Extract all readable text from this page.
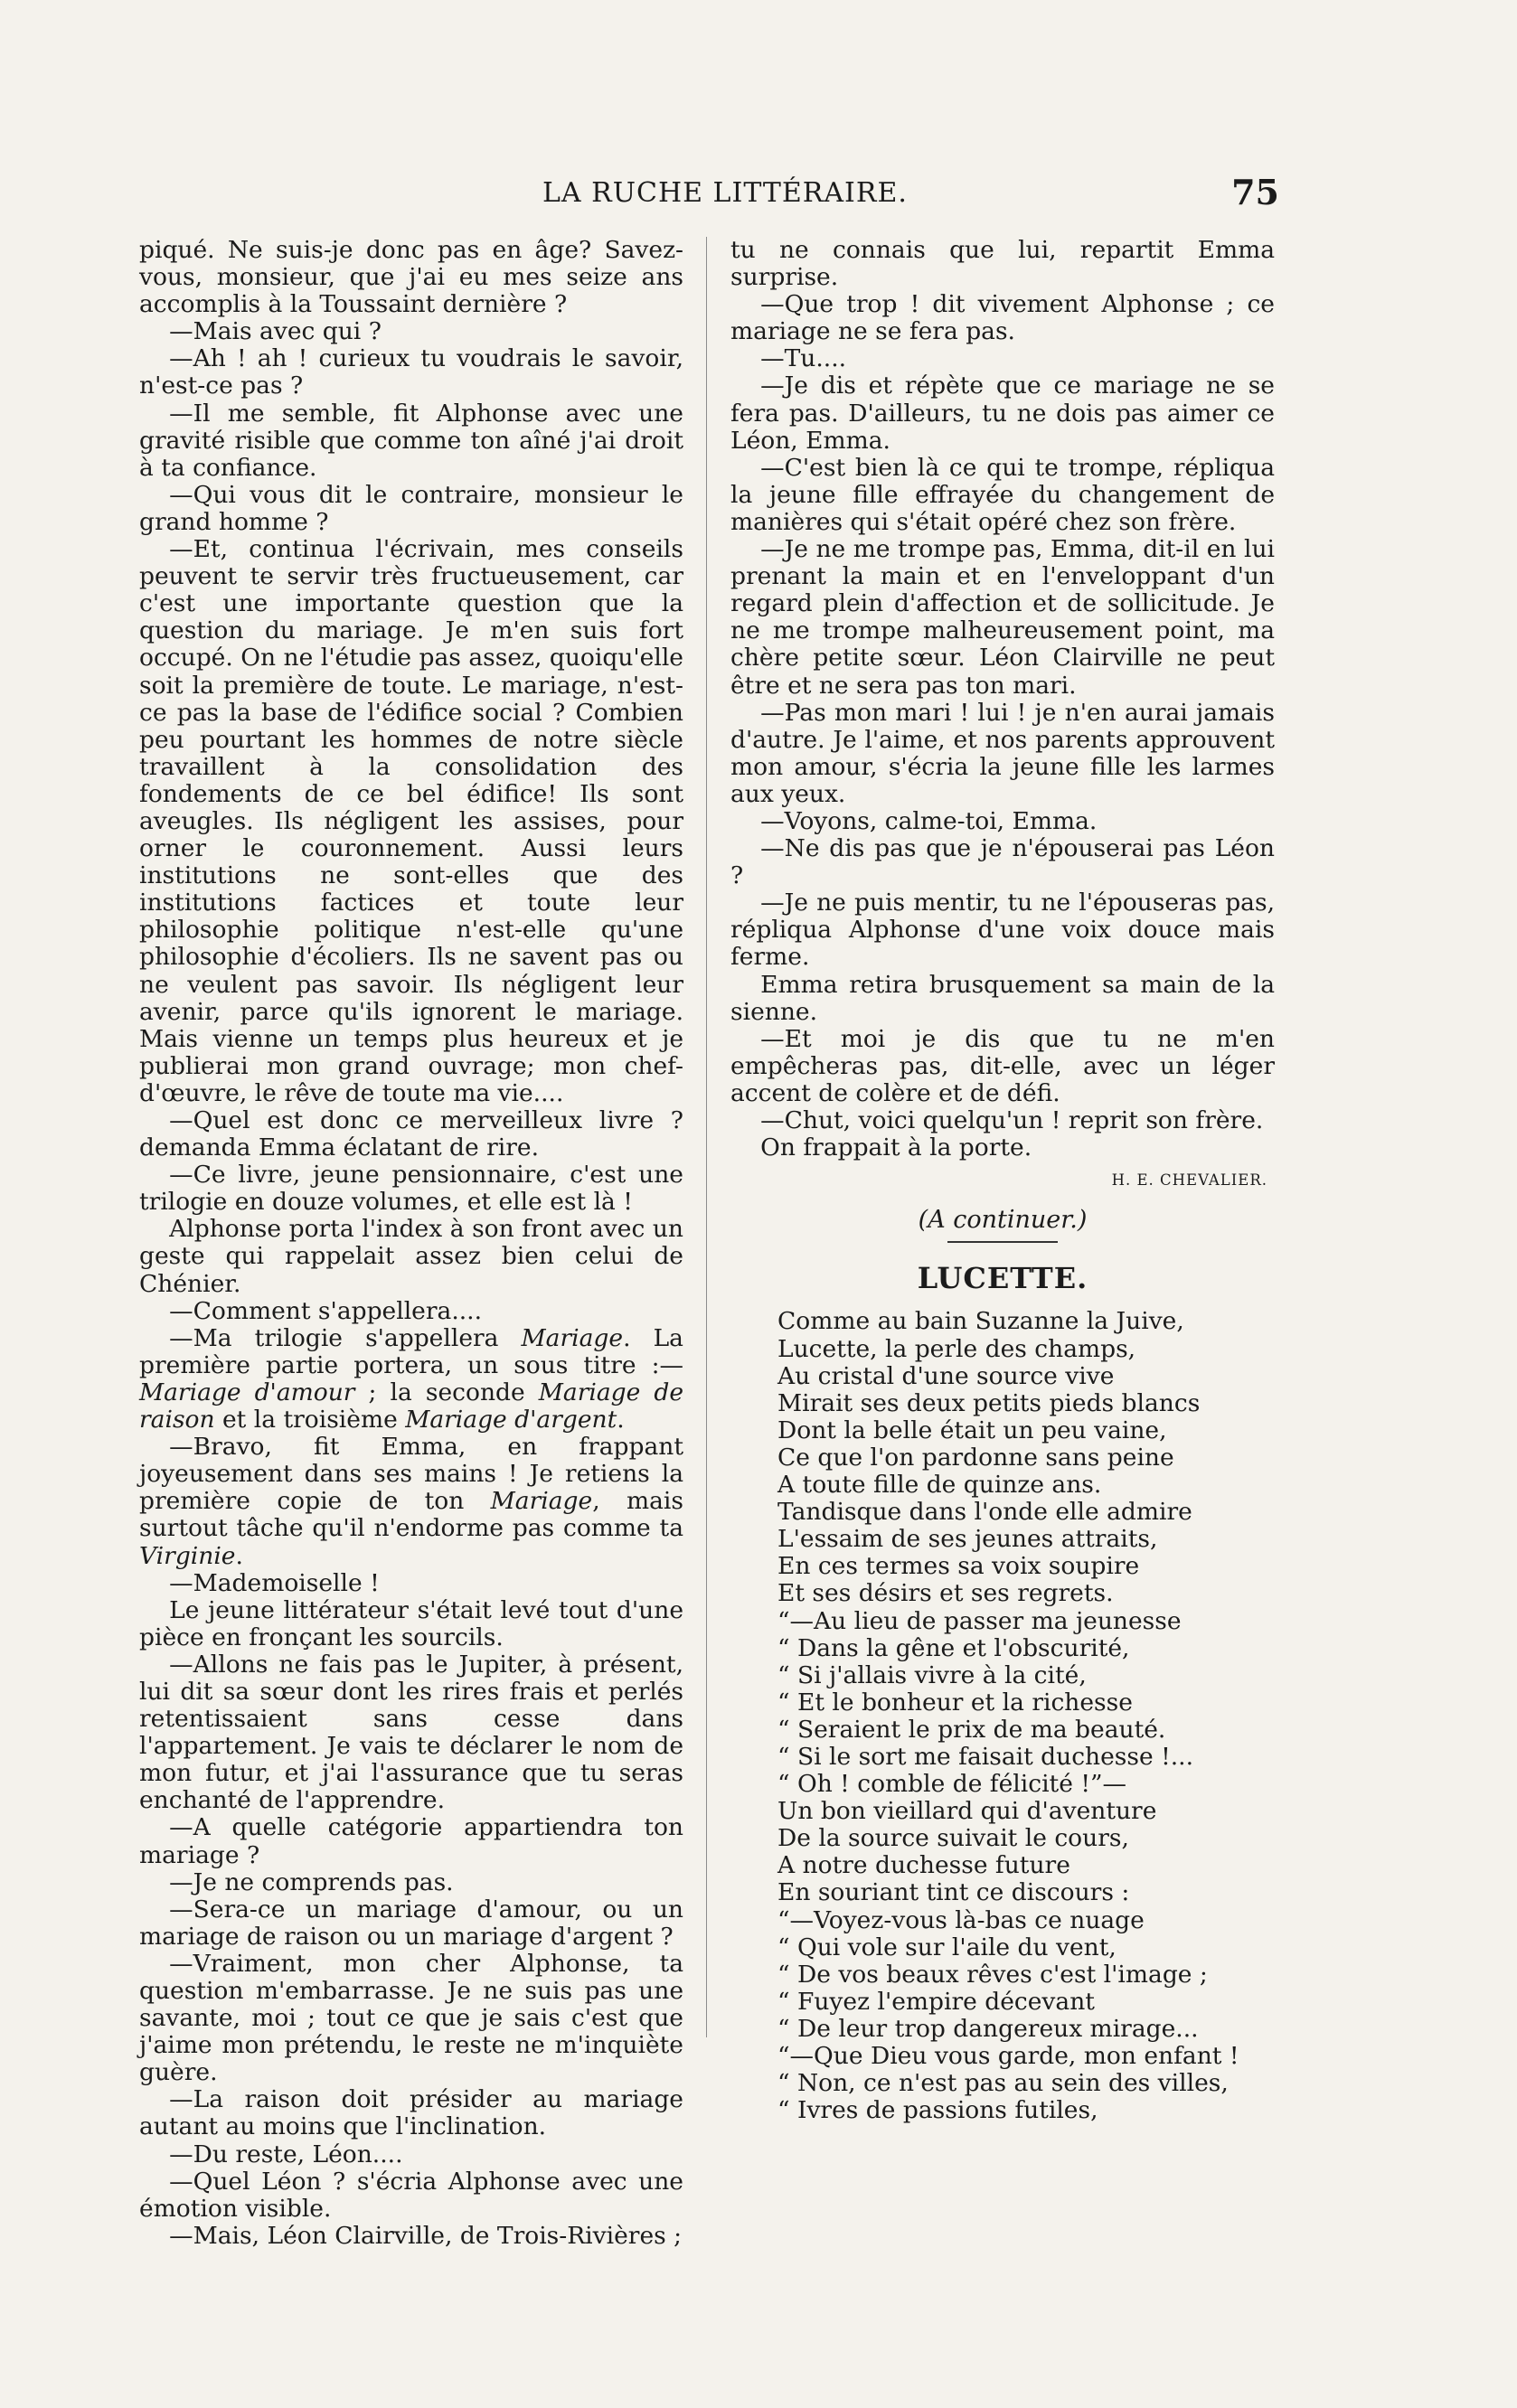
LA RUCHE LITTÉRAIRE.	75

piqué. Ne suis-je donc pas en âge? Savez-vous, monsieur, que j'ai eu mes seize ans accomplis à la Toussaint dernière ?

—Mais avec qui ?

—Ah ! ah ! curieux tu voudrais le savoir, n'est-ce pas ?

—Il me semble, fit Alphonse avec une gravité risible que comme ton aîné j'ai droit à ta confiance.

—Qui vous dit le contraire, monsieur le grand homme ?

—Et, continua l'écrivain, mes conseils peuvent te servir très fructueusement, car c'est une importante question que la question du mariage. Je m'en suis fort occupé. On ne l'étudie pas assez, quoiqu'elle soit la première de toute. Le mariage, n'est-ce pas la base de l'édifice social ? Combien peu pourtant les hommes de notre siècle travaillent à la consolidation des fondements de ce bel édifice! Ils sont aveugles. Ils négligent les assises, pour orner le couronnement. Aussi leurs institutions ne sont-elles que des institutions factices et toute leur philosophie politique n'est-elle qu'une philosophie d'écoliers. Ils ne savent pas ou ne veulent pas savoir. Ils négligent leur avenir, parce qu'ils ignorent le mariage. Mais vienne un temps plus heureux et je publierai mon grand ouvrage; mon chef-d'œuvre, le rêve de toute ma vie....

—Quel est donc ce merveilleux livre ? demanda Emma éclatant de rire.

—Ce livre, jeune pensionnaire, c'est une trilogie en douze volumes, et elle est là !

Alphonse porta l'index à son front avec un geste qui rappelait assez bien celui de Chénier.

—Comment s'appellera....

—Ma trilogie s'appellera Mariage. La première partie portera, un sous titre :—Mariage d'amour ; la seconde Mariage de raison et la troisième Mariage d'argent.

—Bravo, fit Emma, en frappant joyeusement dans ses mains ! Je retiens la première copie de ton Mariage, mais surtout tâche qu'il n'endorme pas comme ta Virginie.

—Mademoiselle !

Le jeune littérateur s'était levé tout d'une pièce en fronçant les sourcils.

—Allons ne fais pas le Jupiter, à présent, lui dit sa sœur dont les rires frais et perlés retentissaient sans cesse dans l'appartement. Je vais te déclarer le nom de mon futur, et j'ai l'assurance que tu seras enchanté de l'apprendre.

—A quelle catégorie appartiendra ton mariage ?

—Je ne comprends pas.

—Sera-ce un mariage d'amour, ou un mariage de raison ou un mariage d'argent ?

—Vraiment, mon cher Alphonse, ta question m'embarrasse. Je ne suis pas une savante, moi ; tout ce que je sais c'est que j'aime mon prétendu, le reste ne m'inquiète guère.

—La raison doit présider au mariage autant au moins que l'inclination.

—Du reste, Léon....

—Quel Léon ? s'écria Alphonse avec une émotion visible.

—Mais, Léon Clairville, de Trois-Rivières ;

tu ne connais que lui, repartit Emma surprise.

—Que trop ! dit vivement Alphonse ; ce mariage ne se fera pas.

—Tu....

—Je dis et répète que ce mariage ne se fera pas. D'ailleurs, tu ne dois pas aimer ce Léon, Emma.

—C'est bien là ce qui te trompe, répliqua la jeune fille effrayée du changement de manières qui s'était opéré chez son frère.

—Je ne me trompe pas, Emma, dit-il en lui prenant la main et en l'enveloppant d'un regard plein d'affection et de sollicitude. Je ne me trompe malheureusement point, ma chère petite sœur. Léon Clairville ne peut être et ne sera pas ton mari.

—Pas mon mari ! lui ! je n'en aurai jamais d'autre. Je l'aime, et nos parents approuvent mon amour, s'écria la jeune fille les larmes aux yeux.

—Voyons, calme-toi, Emma.

—Ne dis pas que je n'épouserai pas Léon ?

—Je ne puis mentir, tu ne l'épouseras pas, répliqua Alphonse d'une voix douce mais ferme.

Emma retira brusquement sa main de la sienne.

—Et moi je dis que tu ne m'en empêcheras pas, dit-elle, avec un léger accent de colère et de défi.

—Chut, voici quelqu'un ! reprit son frère.

On frappait à la porte.

H. E. CHEVALIER.
(A continuer.)
LUCETTE.
Comme au bain Suzanne la Juive,
Lucette, la perle des champs,
Au cristal d'une source vive
Mirait ses deux petits pieds blancs
Dont la belle était un peu vaine,
Ce que l'on pardonne sans peine
A toute fille de quinze ans.
Tandisque dans l'onde elle admire
L'essaim de ses jeunes attraits,
En ces termes sa voix soupire
Et ses désirs et ses regrets.
“—Au lieu de passer ma jeunesse
“ Dans la gêne et l'obscurité,
“ Si j'allais vivre à la cité,
“ Et le bonheur et la richesse
“ Seraient le prix de ma beauté.
“ Si le sort me faisait duchesse !...
“ Oh ! comble de félicité !”—
Un bon vieillard qui d'aventure
De la source suivait le cours,
A notre duchesse future
En souriant tint ce discours :
“—Voyez-vous là-bas ce nuage
“ Qui vole sur l'aile du vent,
“ De vos beaux rêves c'est l'image ;
“ Fuyez l'empire décevant
“ De leur trop dangereux mirage...
“—Que Dieu vous garde, mon enfant !
“ Non, ce n'est pas au sein des villes,
“ Ivres de passions futiles,
